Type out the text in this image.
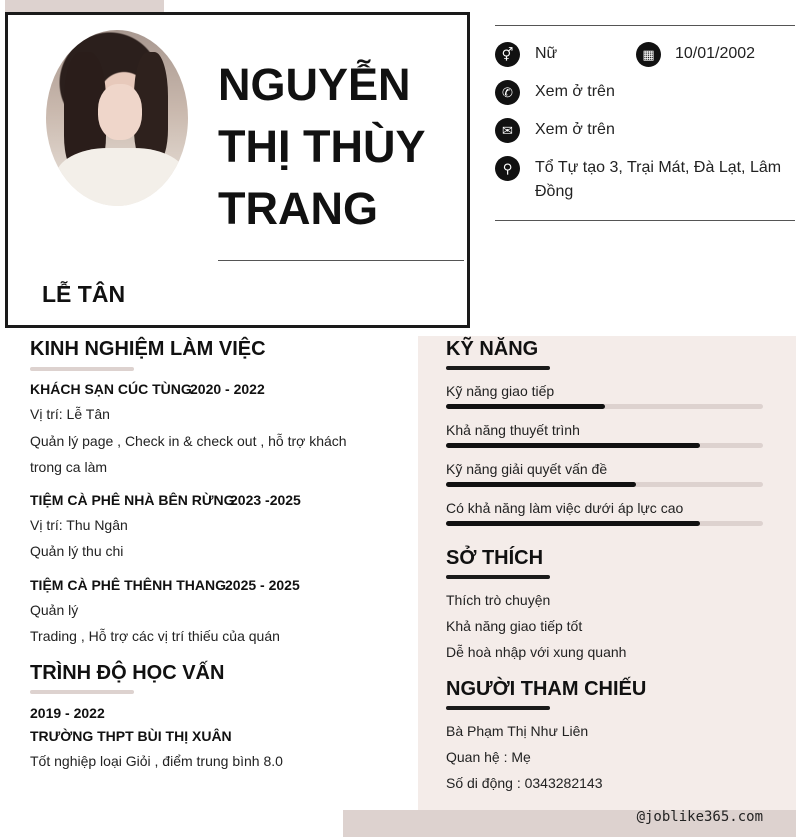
NGUYỄN
THỊ THÙY
TRANG
LỄ TÂN
⚥	Nữ	▦	10/01/2002
✆	Xem ở trên
✉	Xem ở trên
⚲	Tổ Tự tạo 3, Trại Mát, Đà Lạt, Lâm Đồng
KINH NGHIỆM LÀM VIỆC
KHÁCH SẠN CÚC TÙNG
2020 - 2022
Vị trí: Lễ Tân
Quản lý page , Check in & check out , hỗ trợ khách trong ca làm
TIỆM CÀ PHÊ NHÀ BÊN RỪNG
2023 -2025
Vị trí: Thu Ngân
Quản lý thu chi
TIỆM CÀ PHÊ THÊNH THANG 2025 - 2025
Quản lý
Trading , Hỗ trợ các vị trí thiếu của quán
TRÌNH ĐỘ HỌC VẤN
2019 - 2022
TRƯỜNG THPT BÙI THỊ XUÂN
Tốt nghiệp loại Giỏi , điểm trung bình 8.0
KỸ NĂNG
Kỹ năng giao tiếp
Khả năng thuyết trình
Kỹ năng giải quyết vấn đề
Có khả năng làm việc dưới áp lực cao
SỞ THÍCH
Thích trò chuyện
Khả năng giao tiếp tốt
Dễ hoà nhập với xung quanh
NGƯỜI THAM CHIẾU
Bà Phạm Thị Như Liên
Quan hệ : Mẹ
Số di động : 0343282143
@joblike365.com
